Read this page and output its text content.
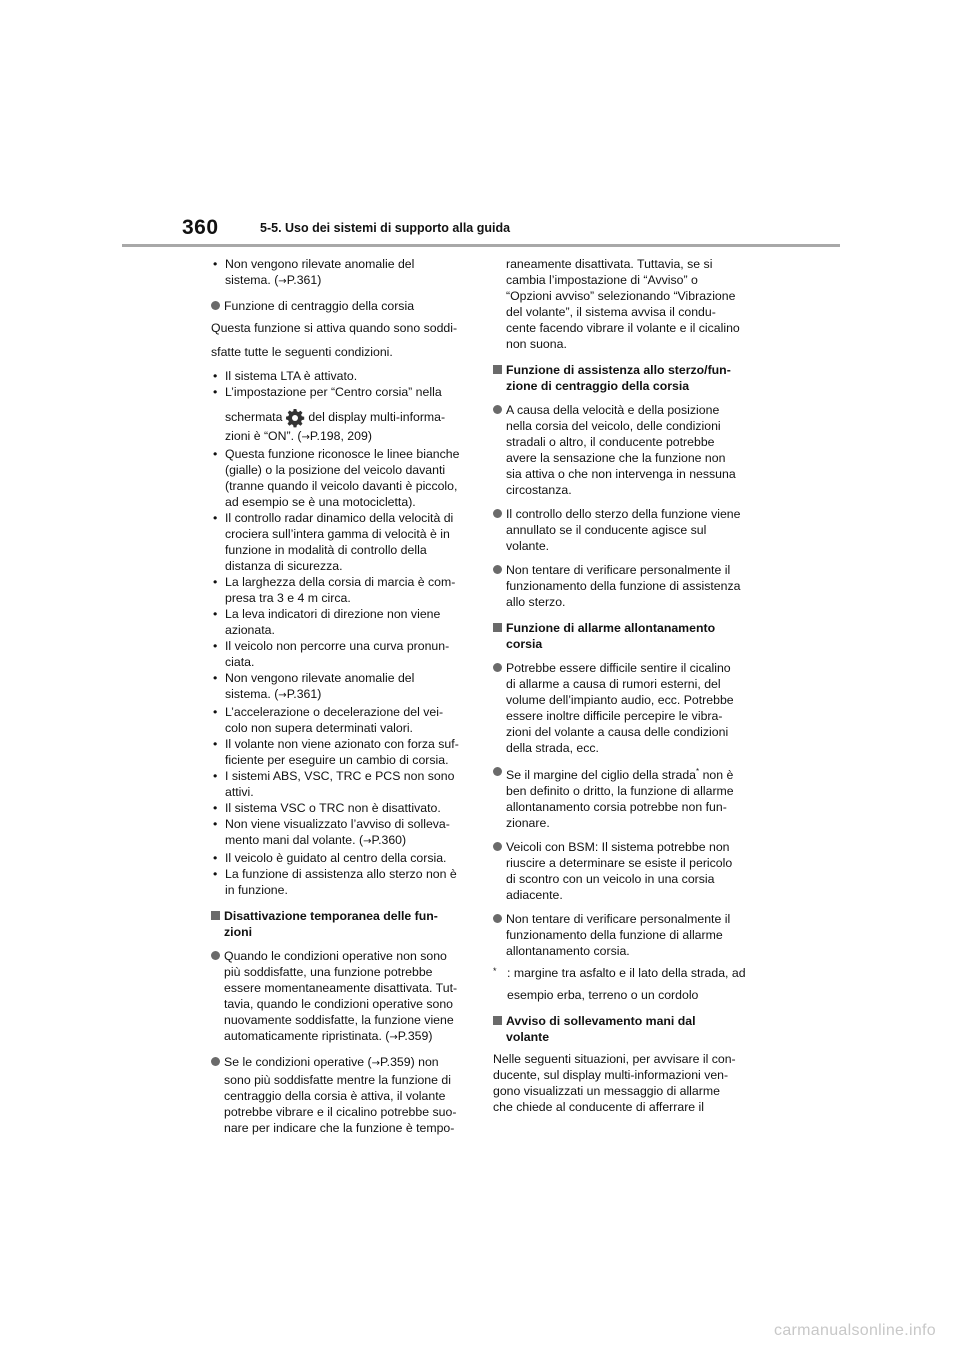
360	5-5. Uso dei sistemi di supporto alla guida
• Non vengono rilevate anomalie del
sistema. (→P.361)
Funzione di centraggio della corsia

Questa funzione si attiva quando sono soddi-

sfatte tutte le seguenti condizioni.

• Il sistema LTA è attivato.
• L’impostazione per “Centro corsia” nella
schermata del display multi-informa-
zioni è “ON”. (→P.198, 209)
• Questa funzione riconosce le linee bianche
(gialle) o la posizione del veicolo davanti
(tranne quando il veicolo davanti è piccolo,
ad esempio se è una motocicletta).
• Il controllo radar dinamico della velocità di
crociera sull’intera gamma di velocità è in
funzione in modalità di controllo della
distanza di sicurezza.
• La larghezza della corsia di marcia è com-
presa tra 3 e 4 m circa.
• La leva indicatori di direzione non viene
azionata.
• Il veicolo non percorre una curva pronun-
ciata.
• Non vengono rilevate anomalie del
sistema. (→P.361)
• L’accelerazione o decelerazione del vei-
colo non supera determinati valori.
• Il volante non viene azionato con forza suf-
ficiente per eseguire un cambio di corsia.
• I sistemi ABS, VSC, TRC e PCS non sono
attivi.
• Il sistema VSC o TRC non è disattivato.
• Non viene visualizzato l’avviso di solleva-
mento mani dal volante. (→P.360)
• Il veicolo è guidato al centro della corsia.
• La funzione di assistenza allo sterzo non è
in funzione.
Disattivazione temporanea delle fun-
zioni
Quando le condizioni operative non sono
più soddisfatte, una funzione potrebbe
essere momentaneamente disattivata. Tut-
tavia, quando le condizioni operative sono
nuovamente soddisfatte, la funzione viene
automaticamente ripristinata. (→P.359)
Se le condizioni operative (→P.359) non
sono più soddisfatte mentre la funzione di
centraggio della corsia è attiva, il volante
potrebbe vibrare e il cicalino potrebbe suo-
nare per indicare che la funzione è tempo-
raneamente disattivata. Tuttavia, se si
cambia l’impostazione di “Avviso” o
“Opzioni avviso” selezionando “Vibrazione
del volante”, il sistema avvisa il condu-
cente facendo vibrare il volante e il cicalino
non suona.
Funzione di assistenza allo sterzo/fun-
zione di centraggio della corsia
A causa della velocità e della posizione
nella corsia del veicolo, delle condizioni
stradali o altro, il conducente potrebbe
avere la sensazione che la funzione non
sia attiva o che non intervenga in nessuna
circostanza.
Il controllo dello sterzo della funzione viene
annullato se il conducente agisce sul
volante.
Non tentare di verificare personalmente il
funzionamento della funzione di assistenza
allo sterzo.
Funzione di allarme allontanamento
corsia
Potrebbe essere difficile sentire il cicalino
di allarme a causa di rumori esterni, del
volume dell’impianto audio, ecc. Potrebbe
essere inoltre difficile percepire le vibra-
zioni del volante a causa delle condizioni
della strada, ecc.
Se il margine del ciglio della strada* non è
ben definito o dritto, la funzione di allarme
allontanamento corsia potrebbe non fun-
zionare.
Veicoli con BSM: Il sistema potrebbe non
riuscire a determinare se esiste il pericolo
di scontro con un veicolo in una corsia
adiacente.
Non tentare di verificare personalmente il
funzionamento della funzione di allarme
allontanamento corsia.
* : margine tra asfalto e il lato della strada, ad
esempio erba, terreno o un cordolo
Avviso di sollevamento mani dal
volante
Nelle seguenti situazioni, per avvisare il con-
ducente, sul display multi-informazioni ven-
gono visualizzati un messaggio di allarme
che chiede al conducente di afferrare il
carmanualsonline.info
